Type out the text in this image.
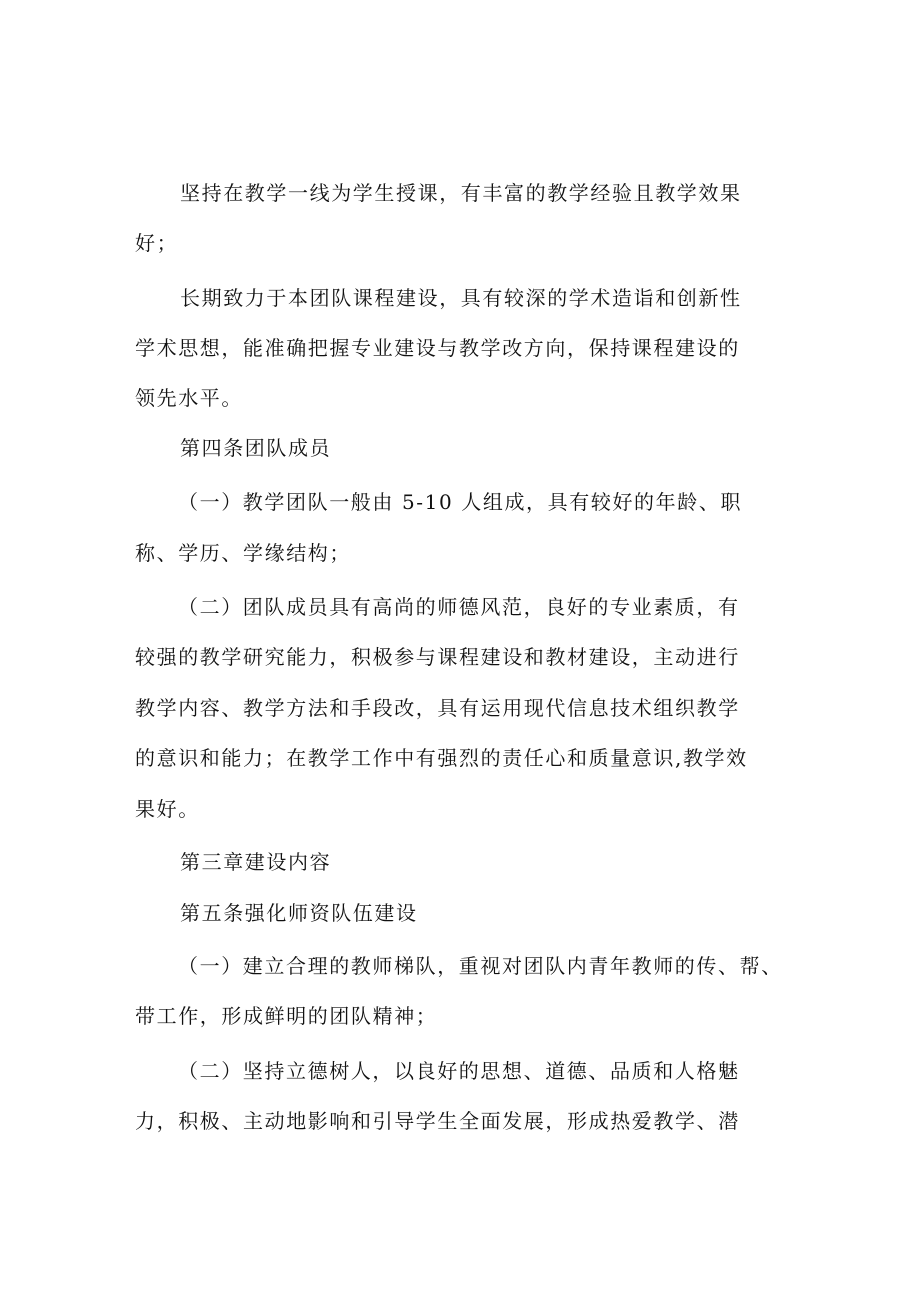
坚持在教学一线为学生授课，有丰富的教学经验且教学效果
好；
长期致力于本团队课程建设，具有较深的学术造诣和创新性
学术思想，能准确把握专业建设与教学改方向，保持课程建设的
领先水平。
第四条团队成员
（一）教学团队一般由 5-10 人组成，具有较好的年龄、职
称、学历、学缘结构；
（二）团队成员具有高尚的师德风范，良好的专业素质，有
较强的教学研究能力，积极参与课程建设和教材建设，主动进行
教学内容、教学方法和手段改，具有运用现代信息技术组织教学
的意识和能力；在教学工作中有强烈的责任心和质量意识,教学效
果好。
第三章建设内容
第五条强化师资队伍建设
（一）建立合理的教师梯队，重视对团队内青年教师的传、帮、
带工作，形成鲜明的团队精神；
（二）坚持立德树人，以良好的思想、道德、品质和人格魅
力，积极、主动地影响和引导学生全面发展，形成热爱教学、潜
